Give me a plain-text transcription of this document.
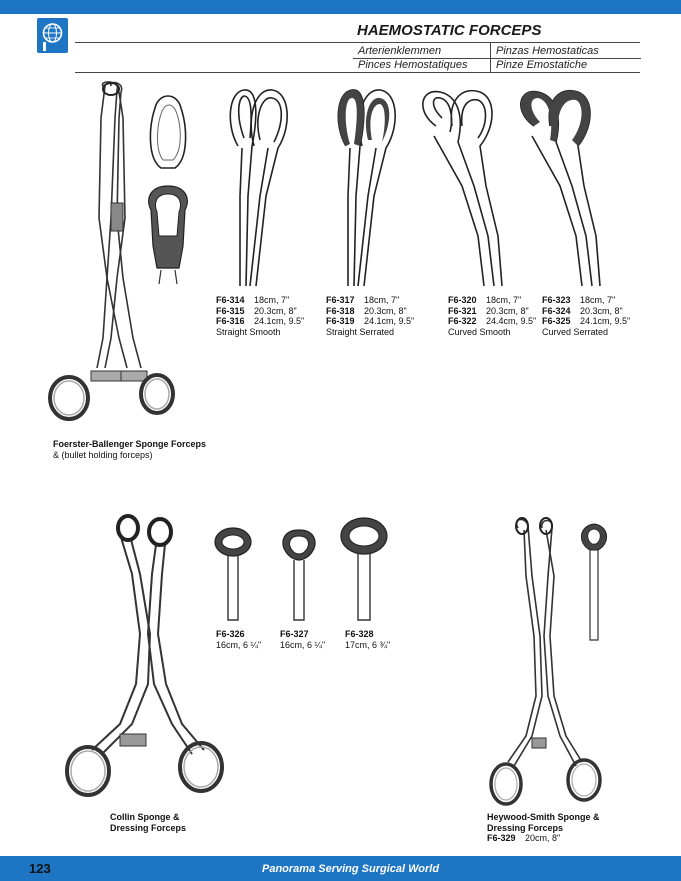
HAEMOSTATIC FORCEPS
Arterienklemmen	Pinzas Hemostaticas
Pinces Hemostatiques	Pinze Emostatiche
F6-314 18cm, 7"
F6-315 20.3cm, 8"
F6-316 24.1cm, 9.5"
Straight Smooth
F6-317 18cm, 7"
F6-318 20.3cm, 8"
F6-319 24.1cm, 9.5"
Straight Serrated
F6-320 18cm, 7"
F6-321 20.3cm, 8"
F6-322 24.4cm, 9.5"
Curved Smooth
F6-323 18cm, 7"
F6-324 20.3cm, 8"
F6-325 24.1cm, 9.5"
Curved Serrated
Foerster-Ballenger Sponge Forceps
& (bullet holding forceps)
F6-326
16cm, 6 ¼"
F6-327
16cm, 6 ¼"
F6-328
17cm, 6 ¾"
Collin Sponge &
Dressing Forceps
Heywood-Smith Sponge &
Dressing Forceps
F6-329 20cm, 8"
123	Panorama Serving Surgical World
